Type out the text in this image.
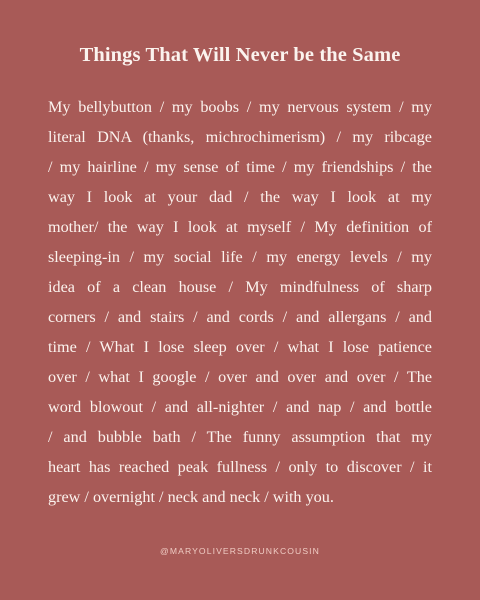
Things That Will Never be the Same
My bellybutton / my boobs / my nervous system / my
literal DNA (thanks, michrochimerism) / my ribcage
/ my hairline / my sense of time / my friendships / the
way I look at your dad / the way I look at my
mother/ the way I look at myself / My definition of
sleeping-in / my social life / my energy levels / my
idea of a clean house / My mindfulness of sharp
corners / and stairs / and cords / and allergans / and
time / What I lose sleep over / what I lose patience
over / what I google / over and over and over / The
word blowout / and all-nighter / and nap / and bottle
/ and bubble bath / The funny assumption that my
heart has reached peak fullness / only to discover / it
grew / overnight / neck and neck / with you.
@MARYOLIVERSDRUNKCOUSIN
